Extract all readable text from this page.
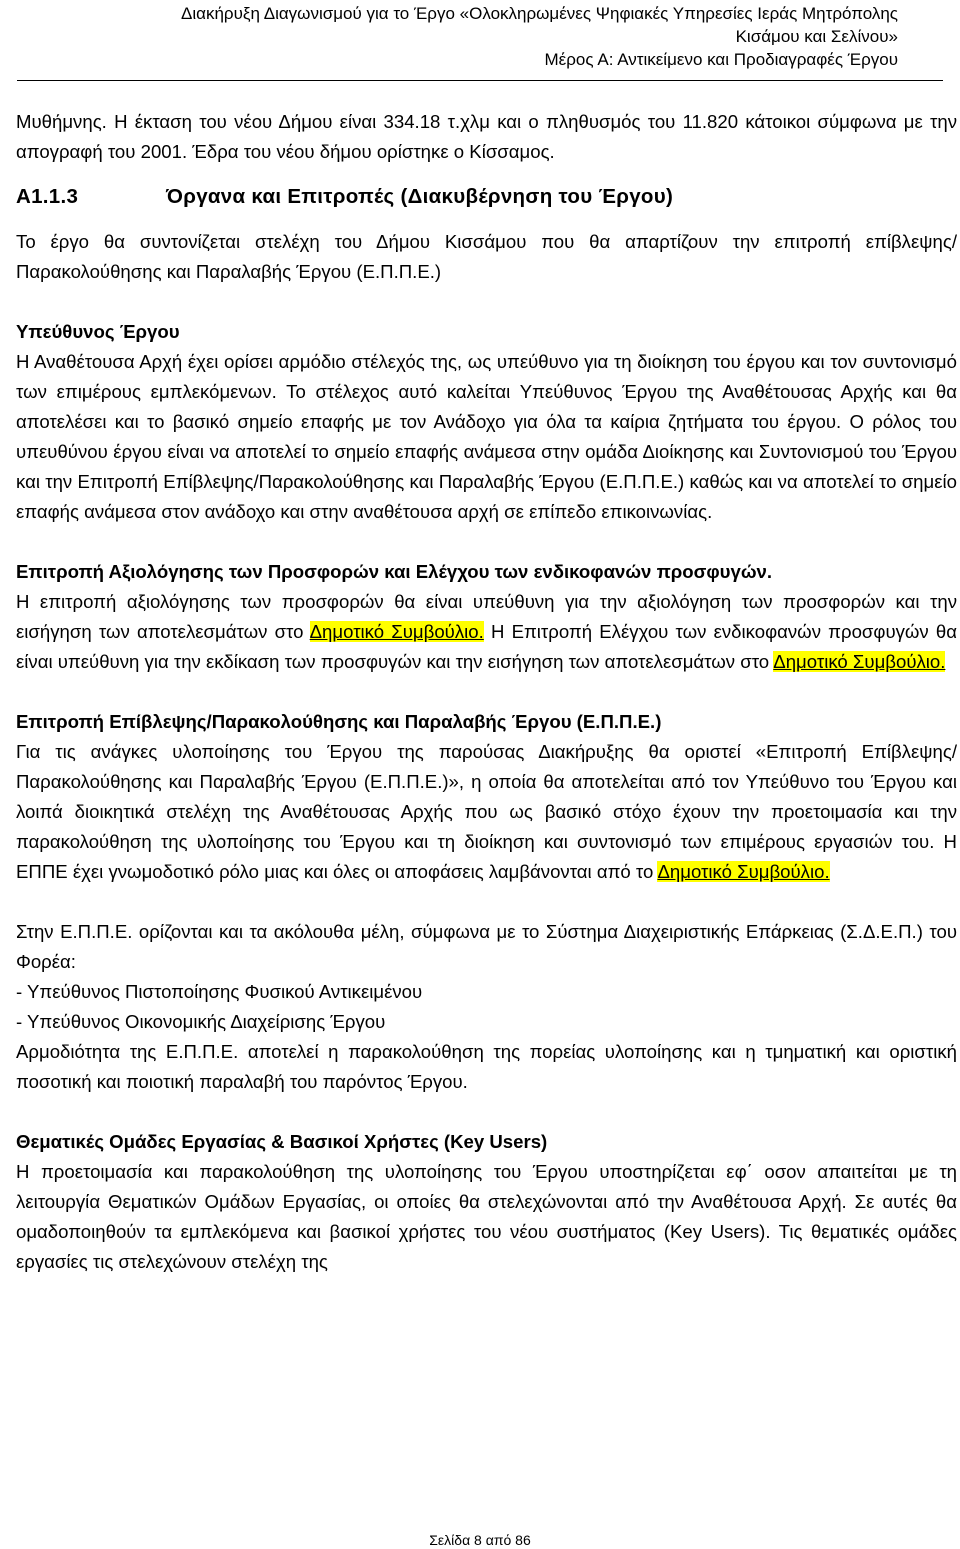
Διακήρυξη Διαγωνισμού για το Έργο «Ολοκληρωμένες Ψηφιακές Υπηρεσίες Ιεράς Μητρόπολης
Κισάμου και Σελίνου»
Μέρος Α: Αντικείμενο και Προδιαγραφές Έργου

Μυθήμνης. Η έκταση του νέου Δήμου είναι 334.18 τ.χλμ και ο πληθυσμός του 11.820 κάτοικοι σύμφωνα με την απογραφή του 2001. Έδρα του νέου δήμου ορίστηκε ο Κίσσαμος.

Α1.1.3	Όργανα και Επιτροπές (Διακυβέρνηση του Έργου)

Το έργο θα συντονίζεται στελέχη του Δήμου Κισσάμου που θα απαρτίζουν την επιτροπή επίβλεψης/ Παρακολούθησης και Παραλαβής Έργου (Ε.Π.Π.Ε.)

Υπεύθυνος Έργου

Η Αναθέτουσα Αρχή έχει ορίσει αρμόδιο στέλεχός της, ως υπεύθυνο για τη διοίκηση του έργου και τον συντονισμό των επιμέρους εμπλεκόμενων. Το στέλεχος αυτό καλείται Υπεύθυνος Έργου της Αναθέτουσας Αρχής και θα αποτελέσει και το βασικό σημείο επαφής με τον Ανάδοχο για όλα τα καίρια ζητήματα του έργου. Ο ρόλος του υπευθύνου έργου είναι να αποτελεί το σημείο επαφής ανάμεσα στην ομάδα Διοίκησης και Συντονισμού του Έργου και την Επιτροπή Επίβλεψης/Παρακολούθησης και Παραλαβής Έργου (Ε.Π.Π.Ε.) καθώς και να αποτελεί το σημείο επαφής ανάμεσα στον ανάδοχο και στην αναθέτουσα αρχή σε επίπεδο επικοινωνίας.

Επιτροπή Αξιολόγησης των Προσφορών και Ελέγχου των ενδικοφανών προσφυγών.

Η επιτροπή αξιολόγησης των προσφορών θα είναι υπεύθυνη για την αξιολόγηση των προσφορών και την εισήγηση των αποτελεσμάτων στο Δημοτικό Συμβούλιο. Η Επιτροπή Ελέγχου των ενδικοφανών προσφυγών θα είναι υπεύθυνη για την εκδίκαση των προσφυγών και την εισήγηση των αποτελεσμάτων στο Δημοτικό Συμβούλιο.

Επιτροπή Επίβλεψης/Παρακολούθησης και Παραλαβής Έργου (Ε.Π.Π.Ε.)

Για τις ανάγκες υλοποίησης του Έργου της παρούσας Διακήρυξης θα οριστεί «Επιτροπή Επίβλεψης/Παρακολούθησης και Παραλαβής Έργου (Ε.Π.Π.Ε.)», η οποία θα αποτελείται από τον Υπεύθυνο του Έργου και λοιπά διοικητικά στελέχη της Αναθέτουσας Αρχής που ως βασικό στόχο έχουν την προετοιμασία και την παρακολούθηση της υλοποίησης του Έργου και τη διοίκηση και συντονισμό των επιμέρους εργασιών του. Η ΕΠΠΕ έχει γνωμοδοτικό ρόλο μιας και όλες οι αποφάσεις λαμβάνονται από το Δημοτικό Συμβούλιο.

Στην Ε.Π.Π.Ε. ορίζονται και τα ακόλουθα μέλη, σύμφωνα με το Σύστημα Διαχειριστικής Επάρκειας (Σ.Δ.Ε.Π.) του Φορέα:

- Υπεύθυνος Πιστοποίησης Φυσικού Αντικειμένου

- Υπεύθυνος Οικονομικής Διαχείρισης Έργου

Αρμοδιότητα της Ε.Π.Π.Ε. αποτελεί η παρακολούθηση της πορείας υλοποίησης και η τμηματική και οριστική ποσοτική και ποιοτική παραλαβή του παρόντος Έργου.

Θεματικές Ομάδες Εργασίας & Βασικοί Χρήστες (Key Users)

Η προετοιμασία και παρακολούθηση της υλοποίησης του Έργου υποστηρίζεται εφ΄ οσον απαιτείται με τη λειτουργία Θεματικών Ομάδων Εργασίας, οι οποίες θα στελεχώνονται από την Αναθέτουσα Αρχή. Σε αυτές θα ομαδοποιηθούν τα εμπλεκόμενα και βασικοί χρήστες του νέου συστήματος (Key Users). Τις θεματικές ομάδες εργασίες τις στελεχώνουν στελέχη της

Σελίδα 8 από 86
